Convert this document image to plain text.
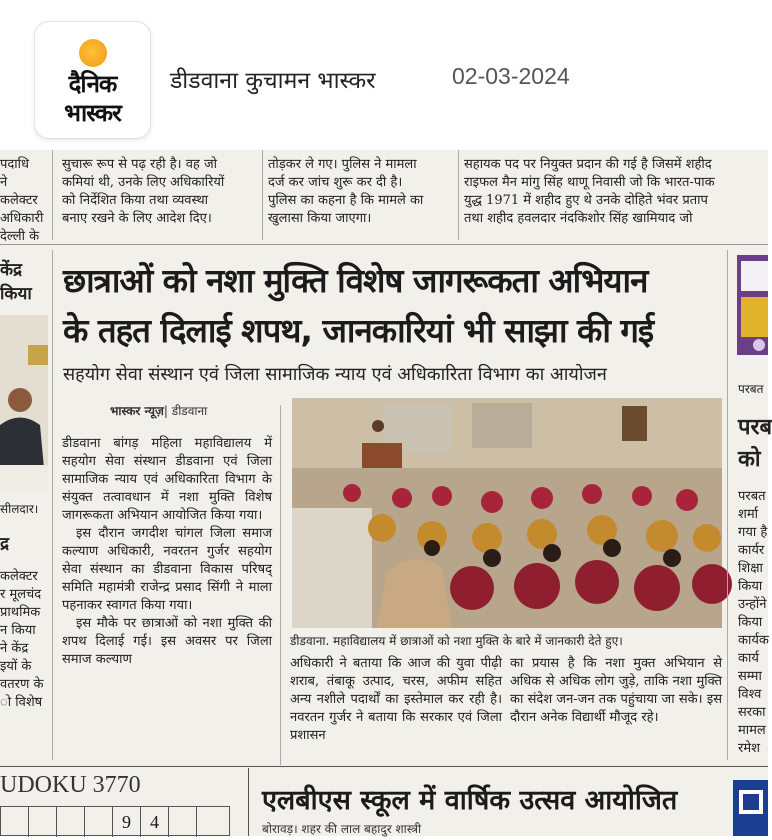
दैनिक
भास्कर
डीडवाना कुचामन भास्कर	02-03-2024

पदाधि

ने कलेक्टर

अधिकारी

देल्ली के

सुचारू रूप से पढ़ रही है। वह जो

कमियां थी, उनके लिए अधिकारियों

को निर्देशित किया तथा व्यवस्था

बनाए रखने के लिए आदेश दिए।

तोड़कर ले गए। पुलिस ने मामला

दर्ज कर जांच शुरू कर दी है।

पुलिस का कहना है कि मामले का

खुलासा किया जाएगा।

सहायक पद पर नियुक्त प्रदान की गई है जिसमें शहीद

राइफल मैन मांगु सिंह थाणू निवासी जो कि भारत-पाक

युद्ध 1971 में शहीद हुए थे उनके दोहिते भंवर प्रताप

तथा शहीद हवलदार नंदकिशोर सिंह खामियाद जो

केंद्र

किया

सीलदार।
द्र

कलेक्टर

र मूलचंद

प्राथमिक

न किया

ने केंद्र

इयों के

वतरण के

ो विशेष

छात्राओं को नशा मुक्ति विशेष जागरूकता अभियान
के तहत दिलाई शपथ, जानकारियां भी साझा की गई
सहयोग सेवा संस्थान एवं जिला सामाजिक न्याय एवं अधिकारिता विभाग का आयोजन
भास्कर न्यूज़| डीडवाना

डीडवाना बांगड़ महिला महाविद्यालय में सहयोग सेवा संस्थान डीडवाना एवं जिला सामाजिक न्याय एवं अधिकारिता विभाग के संयुक्त तत्वावधान में नशा मुक्ति विशेष जागरूकता अभियान आयोजित किया गया।

इस दौरान जगदीश चांगल जिला समाज कल्याण अधिकारी, नवरतन गुर्जर सहयोग सेवा संस्थान का डीडवाना विकास परिषद् समिति महामंत्री राजेन्द्र प्रसाद सिंगी ने माला पहनाकर स्वागत किया गया।

इस मौके पर छात्राओं को नशा मुक्ति की शपथ दिलाई गई। इस अवसर पर जिला समाज कल्याण

डीडवाना. महाविद्यालय में छात्राओं को नशा मुक्ति के बारे में जानकारी देते हुए।

अधिकारी ने बताया कि आज की युवा पीढ़ी शराब, तंबाकू उत्पाद, चरस, अफीम सहित अन्य नशीले पदार्थों का इस्तेमाल कर रही है। नवरतन गुर्जर ने बताया कि सरकार एवं जिला प्रशासन

का प्रयास है कि नशा मुक्त अभियान से अधिक से अधिक लोग जुड़े, ताकि नशा मुक्ति का संदेश जन-जन तक पहुंचाया जा सके। इस दौरान अनेक विद्यार्थी मौजूद रहे।

परबत

परब

को

परबत

शर्मा

गया है

कार्यर

शिक्षा

किया

उन्होंने

किया

कार्यक

कार्य

सम्मा

विश्व

सरका

मामल

रमेश

UDOKU 3770
9	4
एलबीएस स्कूल में वार्षिक उत्सव आयोजित
बोरावड़। शहर की लाल बहादुर शास्त्री
